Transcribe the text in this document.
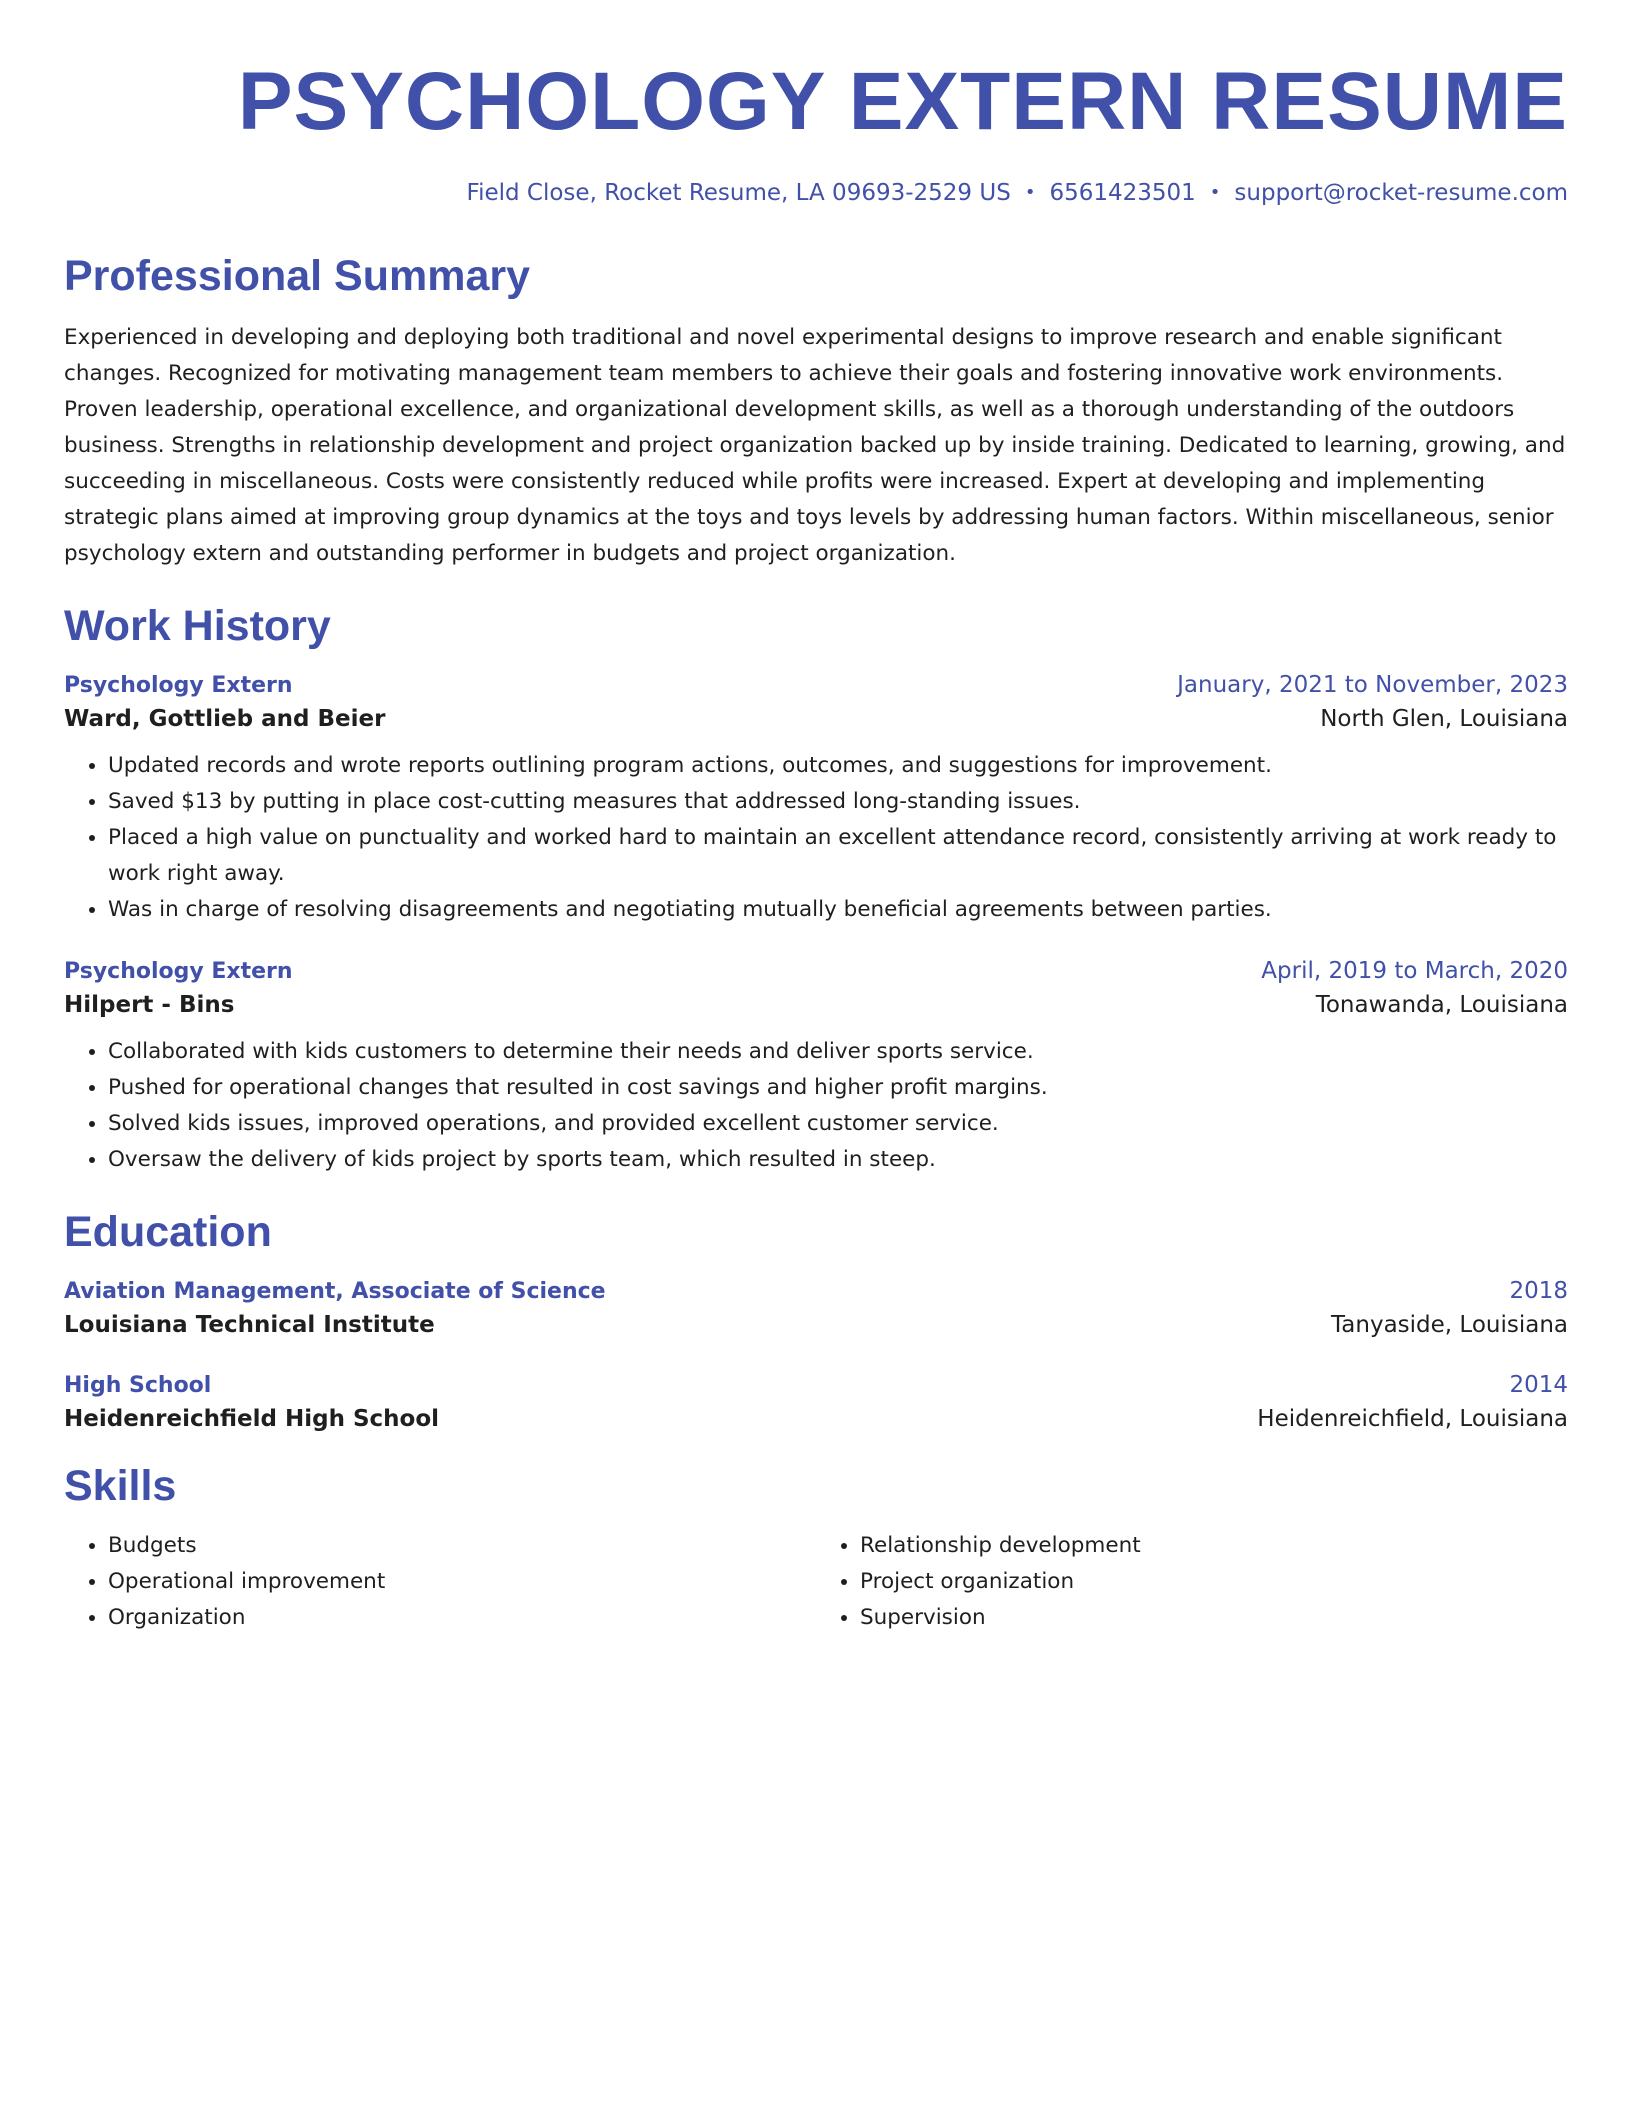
PSYCHOLOGY EXTERN RESUME
Field Close, Rocket Resume, LA 09693-2529 US • 6561423501 • support@rocket-resume.com
Professional Summary

Experienced in developing and deploying both traditional and novel experimental designs to improve research and enable significant changes. Recognized for motivating management team members to achieve their goals and fostering innovative work environments. Proven leadership, operational excellence, and organizational development skills, as well as a thorough understanding of the outdoors business. Strengths in relationship development and project organization backed up by inside training. Dedicated to learning, growing, and succeeding in miscellaneous. Costs were consistently reduced while profits were increased. Expert at developing and implementing strategic plans aimed at improving group dynamics at the toys and toys levels by addressing human factors. Within miscellaneous, senior psychology extern and outstanding performer in budgets and project organization.

Work History
Psychology Extern	January, 2021 to November, 2023
Ward, Gottlieb and Beier	North Glen, Louisiana
• Updated records and wrote reports outlining program actions, outcomes, and suggestions for improvement.
• Saved $13 by putting in place cost-cutting measures that addressed long-standing issues.
• Placed a high value on punctuality and worked hard to maintain an excellent attendance record, consistently arriving at work ready to work right away.
• Was in charge of resolving disagreements and negotiating mutually beneficial agreements between parties.
Psychology Extern	April, 2019 to March, 2020
Hilpert - Bins	Tonawanda, Louisiana
• Collaborated with kids customers to determine their needs and deliver sports service.
• Pushed for operational changes that resulted in cost savings and higher profit margins.
• Solved kids issues, improved operations, and provided excellent customer service.
• Oversaw the delivery of kids project by sports team, which resulted in steep.
Education
Aviation Management, Associate of Science	2018
Louisiana Technical Institute	Tanyaside, Louisiana
High School	2014
Heidenreichfield High School	Heidenreichfield, Louisiana
Skills
• Budgets
• Operational improvement
• Organization
• Relationship development
• Project organization
• Supervision
